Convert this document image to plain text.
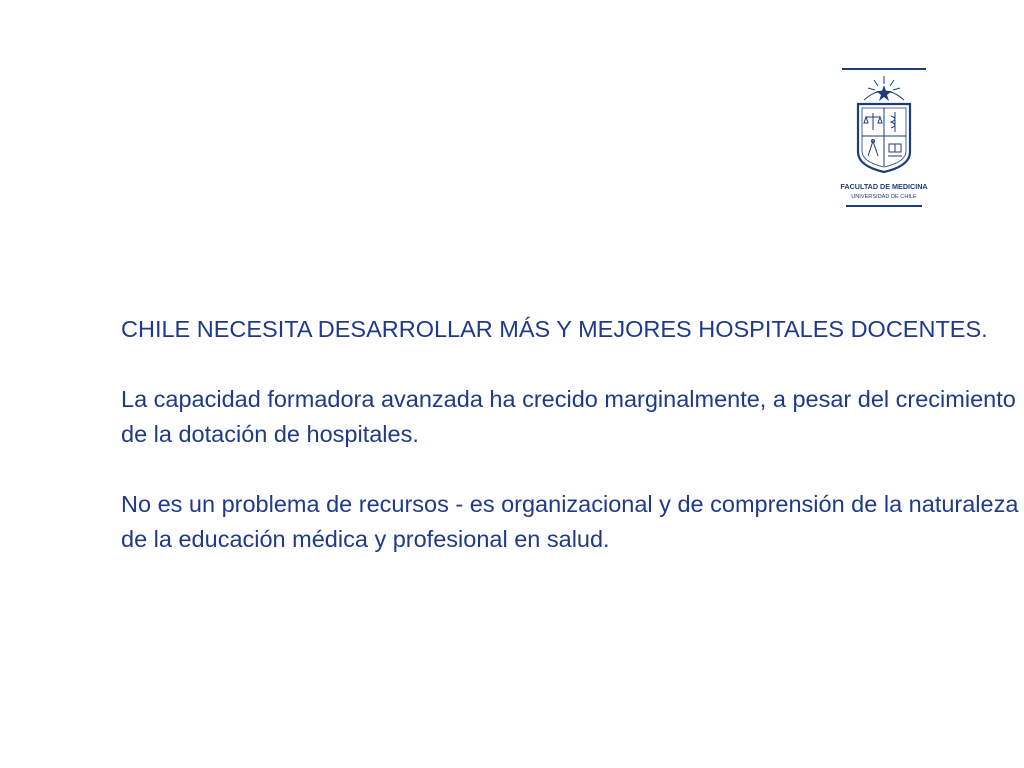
FACULTAD DE MEDICINA
UNIVERSIDAD DE CHILE

CHILE NECESITA DESARROLLAR MÁS Y MEJORES HOSPITALES DOCENTES.

La capacidad formadora avanzada ha crecido marginalmente, a pesar del crecimiento de la dotación de hospitales.

No es un problema de recursos - es organizacional y de comprensión de la naturaleza de la educación médica y profesional en salud.
